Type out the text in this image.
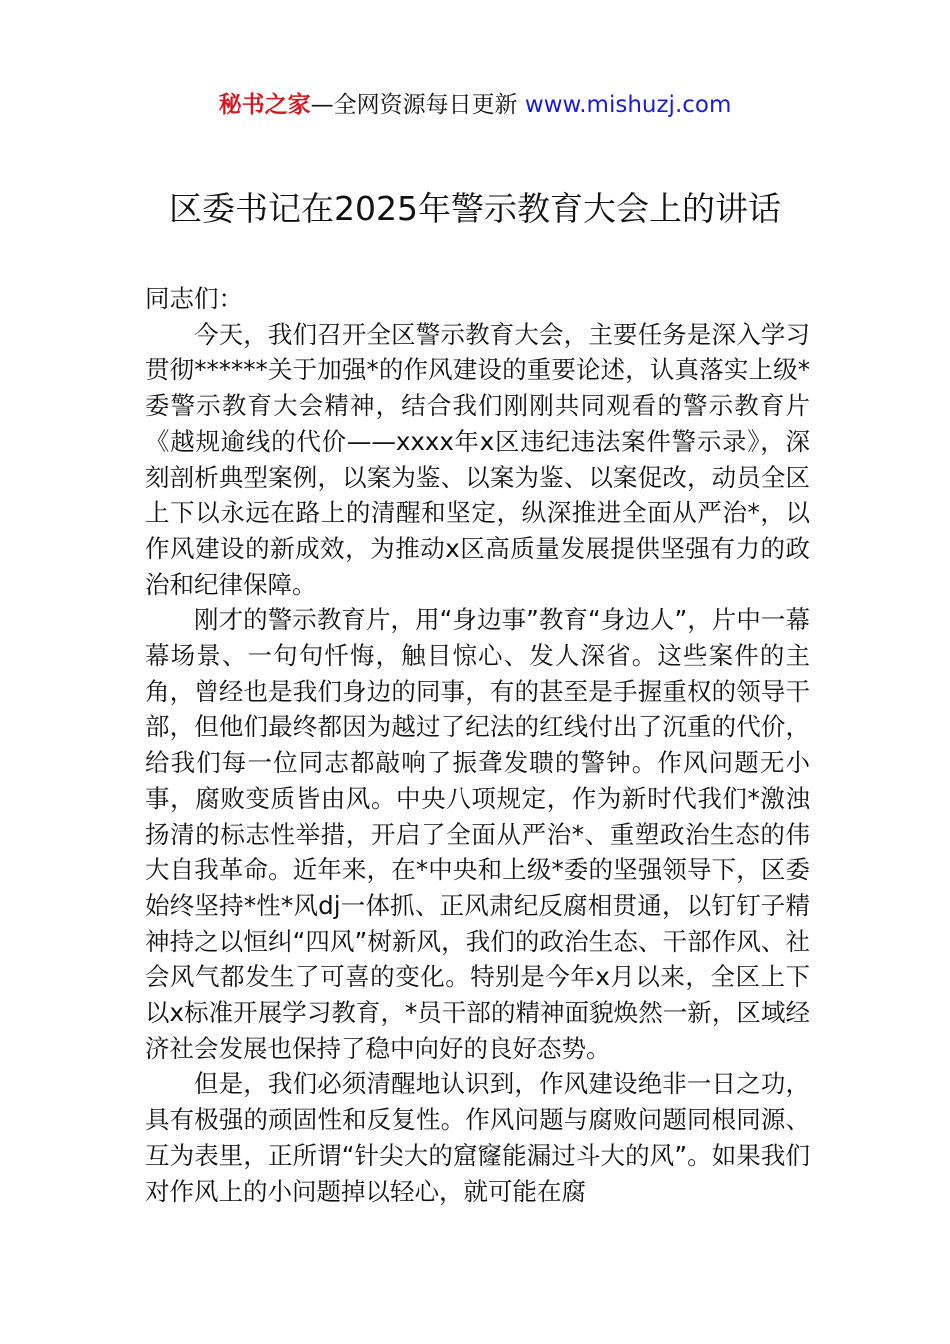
秘书之家—全网资源每日更新 www.mishuzj.com
区委书记在2025年警示教育大会上的讲话

同志们：

今天，我们召开全区警示教育大会，主要任务是深入学习贯彻******关于加强*的作风建设的重要论述，认真落实上级*委警示教育大会精神，结合我们刚刚共同观看的警示教育片《越规逾线的代价——xxxx年x区违纪违法案件警示录》，深刻剖析典型案例，以案为鉴、以案为鉴、以案促改，动员全区上下以永远在路上的清醒和坚定，纵深推进全面从严治*，以作风建设的新成效，为推动x区高质量发展提供坚强有力的政治和纪律保障。

刚才的警示教育片，用“身边事”教育“身边人”，片中一幕幕场景、一句句忏悔，触目惊心、发人深省。这些案件的主角，曾经也是我们身边的同事，有的甚至是手握重权的领导干部，但他们最终都因为越过了纪法的红线付出了沉重的代价，给我们每一位同志都敲响了振聋发聩的警钟。作风问题无小事，腐败变质皆由风。中央八项规定，作为新时代我们*激浊扬清的标志性举措，开启了全面从严治*、重塑政治生态的伟大自我革命。近年来，在*中央和上级*委的坚强领导下，区委始终坚持*性*风dj一体抓、正风肃纪反腐相贯通，以钉钉子精神持之以恒纠“四风”树新风，我们的政治生态、干部作风、社会风气都发生了可喜的变化。特别是今年x月以来，全区上下以x标准开展学习教育，*员干部的精神面貌焕然一新，区域经济社会发展也保持了稳中向好的良好态势。

但是，我们必须清醒地认识到，作风建设绝非一日之功，具有极强的顽固性和反复性。作风问题与腐败问题同根同源、互为表里，正所谓“针尖大的窟窿能漏过斗大的风”。如果我们对作风上的小问题掉以轻心，就可能在腐
